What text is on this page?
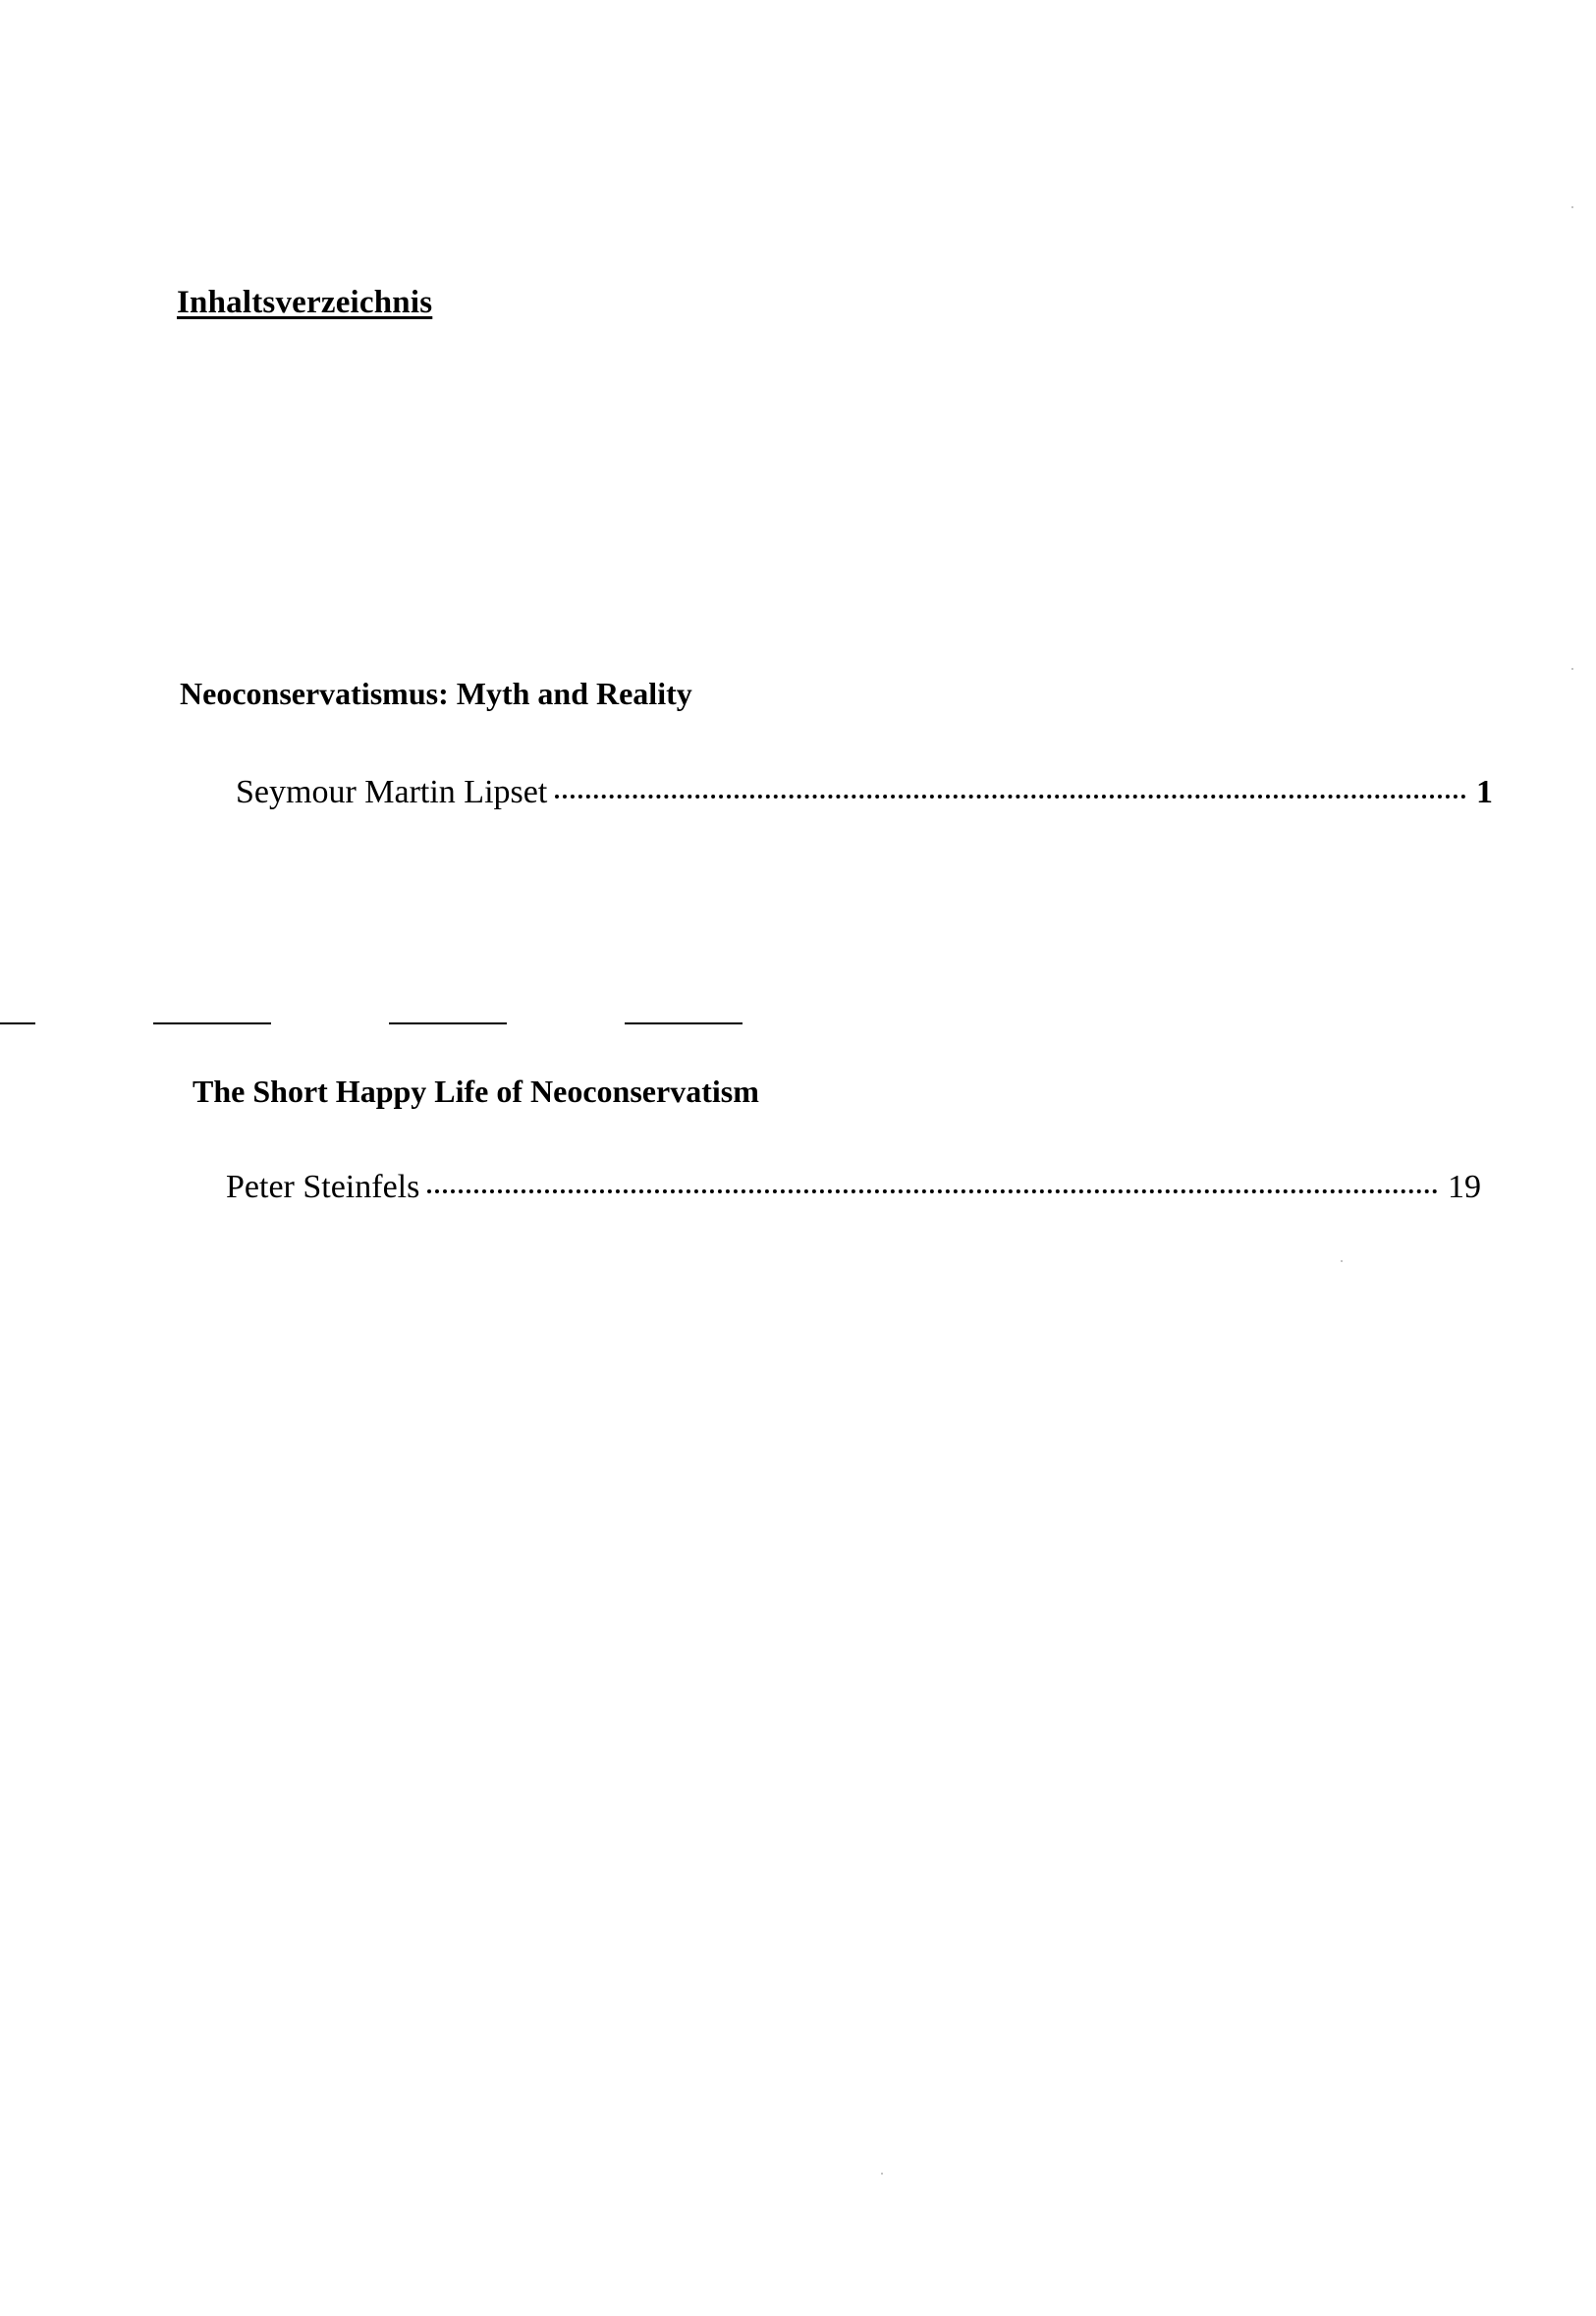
Inhaltsverzeichnis
Neoconservatismus: Myth and Reality
Seymour Martin Lipset	1
The Short Happy Life of Neoconservatism
Peter Steinfels	19
